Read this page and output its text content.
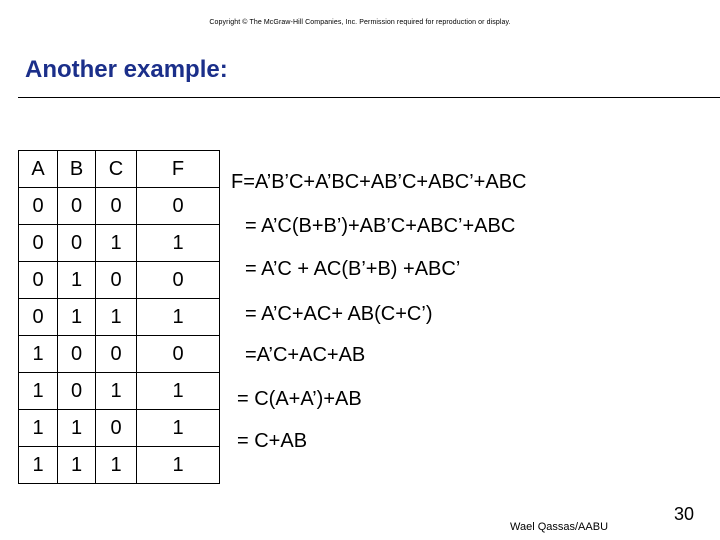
Copyright © The McGraw-Hill Companies, Inc. Permission required for reproduction or display.
Another example:
A	B	C	F
0	0	0	0
0	0	1	1
0	1	0	0
0	1	1	1
1	0	0	0
1	0	1	1
1	1	0	1
1	1	1	1
F=A’B’C+A’BC+AB’C+ABC’+ABC
= A’C(B+B’)+AB’C+ABC’+ABC
= A’C + AC(B’+B) +ABC’
= A’C+AC+ AB(C+C’)
=A’C+AC+AB
= C(A+A’)+AB
= C+AB
Wael Qassas/AABU
30
